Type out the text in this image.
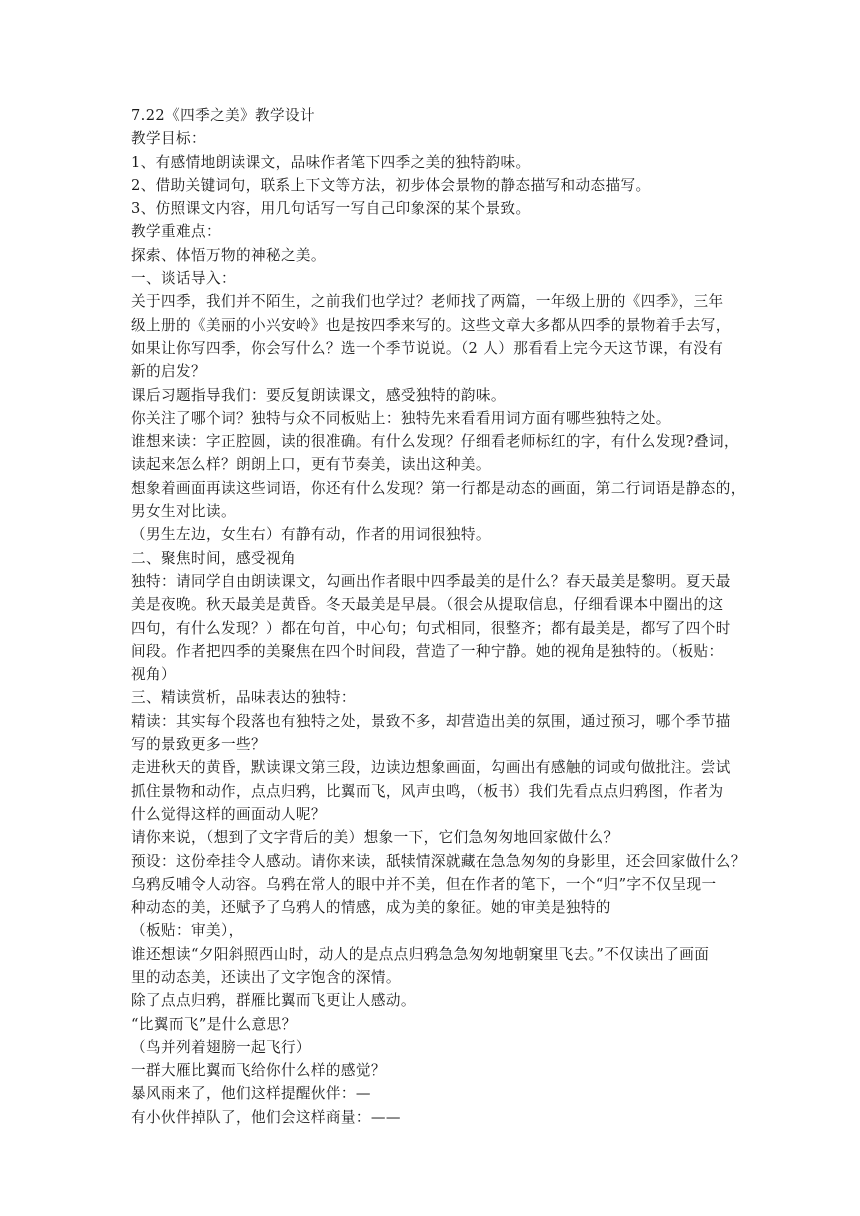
7.22《四季之美》教学设计
教学目标：
1、有感情地朗读课文，品味作者笔下四季之美的独特韵味。
2、借助关键词句，联系上下文等方法，初步体会景物的静态描写和动态描写。
3、仿照课文内容，用几句话写一写自己印象深的某个景致。
教学重难点：
探索、体悟万物的神秘之美。
一、谈话导入：
关于四季，我们并不陌生，之前我们也学过？老师找了两篇，一年级上册的《四季》，三年
级上册的《美丽的小兴安岭》也是按四季来写的。这些文章大多都从四季的景物着手去写，
如果让你写四季，你会写什么？选一个季节说说。（2 人）那看看上完今天这节课，有没有
新的启发？
课后习题指导我们：要反复朗读课文，感受独特的韵味。
你关注了哪个词？独特与众不同板贴上：独特先来看看用词方面有哪些独特之处。
谁想来读：字正腔圆，读的很准确。有什么发现？仔细看老师标红的字，有什么发现?叠词，
读起来怎么样？朗朗上口，更有节奏美，读出这种美。
想象着画面再读这些词语，你还有什么发现？第一行都是动态的画面，第二行词语是静态的，
男女生对比读。
（男生左边，女生右）有静有动，作者的用词很独特。
二、聚焦时间，感受视角
独特：请同学自由朗读课文，勾画出作者眼中四季最美的是什么？春天最美是黎明。夏天最
美是夜晚。秋天最美是黄昏。冬天最美是早晨。（很会从提取信息，仔细看课本中圈出的这
四句，有什么发现？）都在句首，中心句；句式相同，很整齐；都有最美是，都写了四个时
间段。作者把四季的美聚焦在四个时间段，营造了一种宁静。她的视角是独特的。（板贴：
视角）
三、精读赏析，品味表达的独特：
精读：其实每个段落也有独特之处，景致不多，却营造出美的氛围，通过预习，哪个季节描
写的景致更多一些？
走进秋天的黄昏，默读课文第三段，边读边想象画面，勾画出有感触的词或句做批注。尝试
抓住景物和动作，点点归鸦，比翼而飞，风声虫鸣，（板书）我们先看点点归鸦图，作者为
什么觉得这样的画面动人呢？
请你来说，（想到了文字背后的美）想象一下，它们急匆匆地回家做什么？
预设：这份牵挂令人感动。请你来读，舐犊情深就藏在急急匆匆的身影里，还会回家做什么？
乌鸦反哺令人动容。乌鸦在常人的眼中并不美，但在作者的笔下，一个“归”字不仅呈现一
种动态的美，还赋予了乌鸦人的情感，成为美的象征。她的审美是独特的
（板贴：审美），
谁还想读“夕阳斜照西山时，动人的是点点归鸦急急匆匆地朝窠里飞去。”不仅读出了画面
里的动态美，还读出了文字饱含的深情。
除了点点归鸦，群雁比翼而飞更让人感动。
“比翼而飞”是什么意思？
（鸟并列着翅膀一起飞行）
一群大雁比翼而飞给你什么样的感觉？
暴风雨来了，他们这样提醒伙伴：—
有小伙伴掉队了，他们会这样商量：——
